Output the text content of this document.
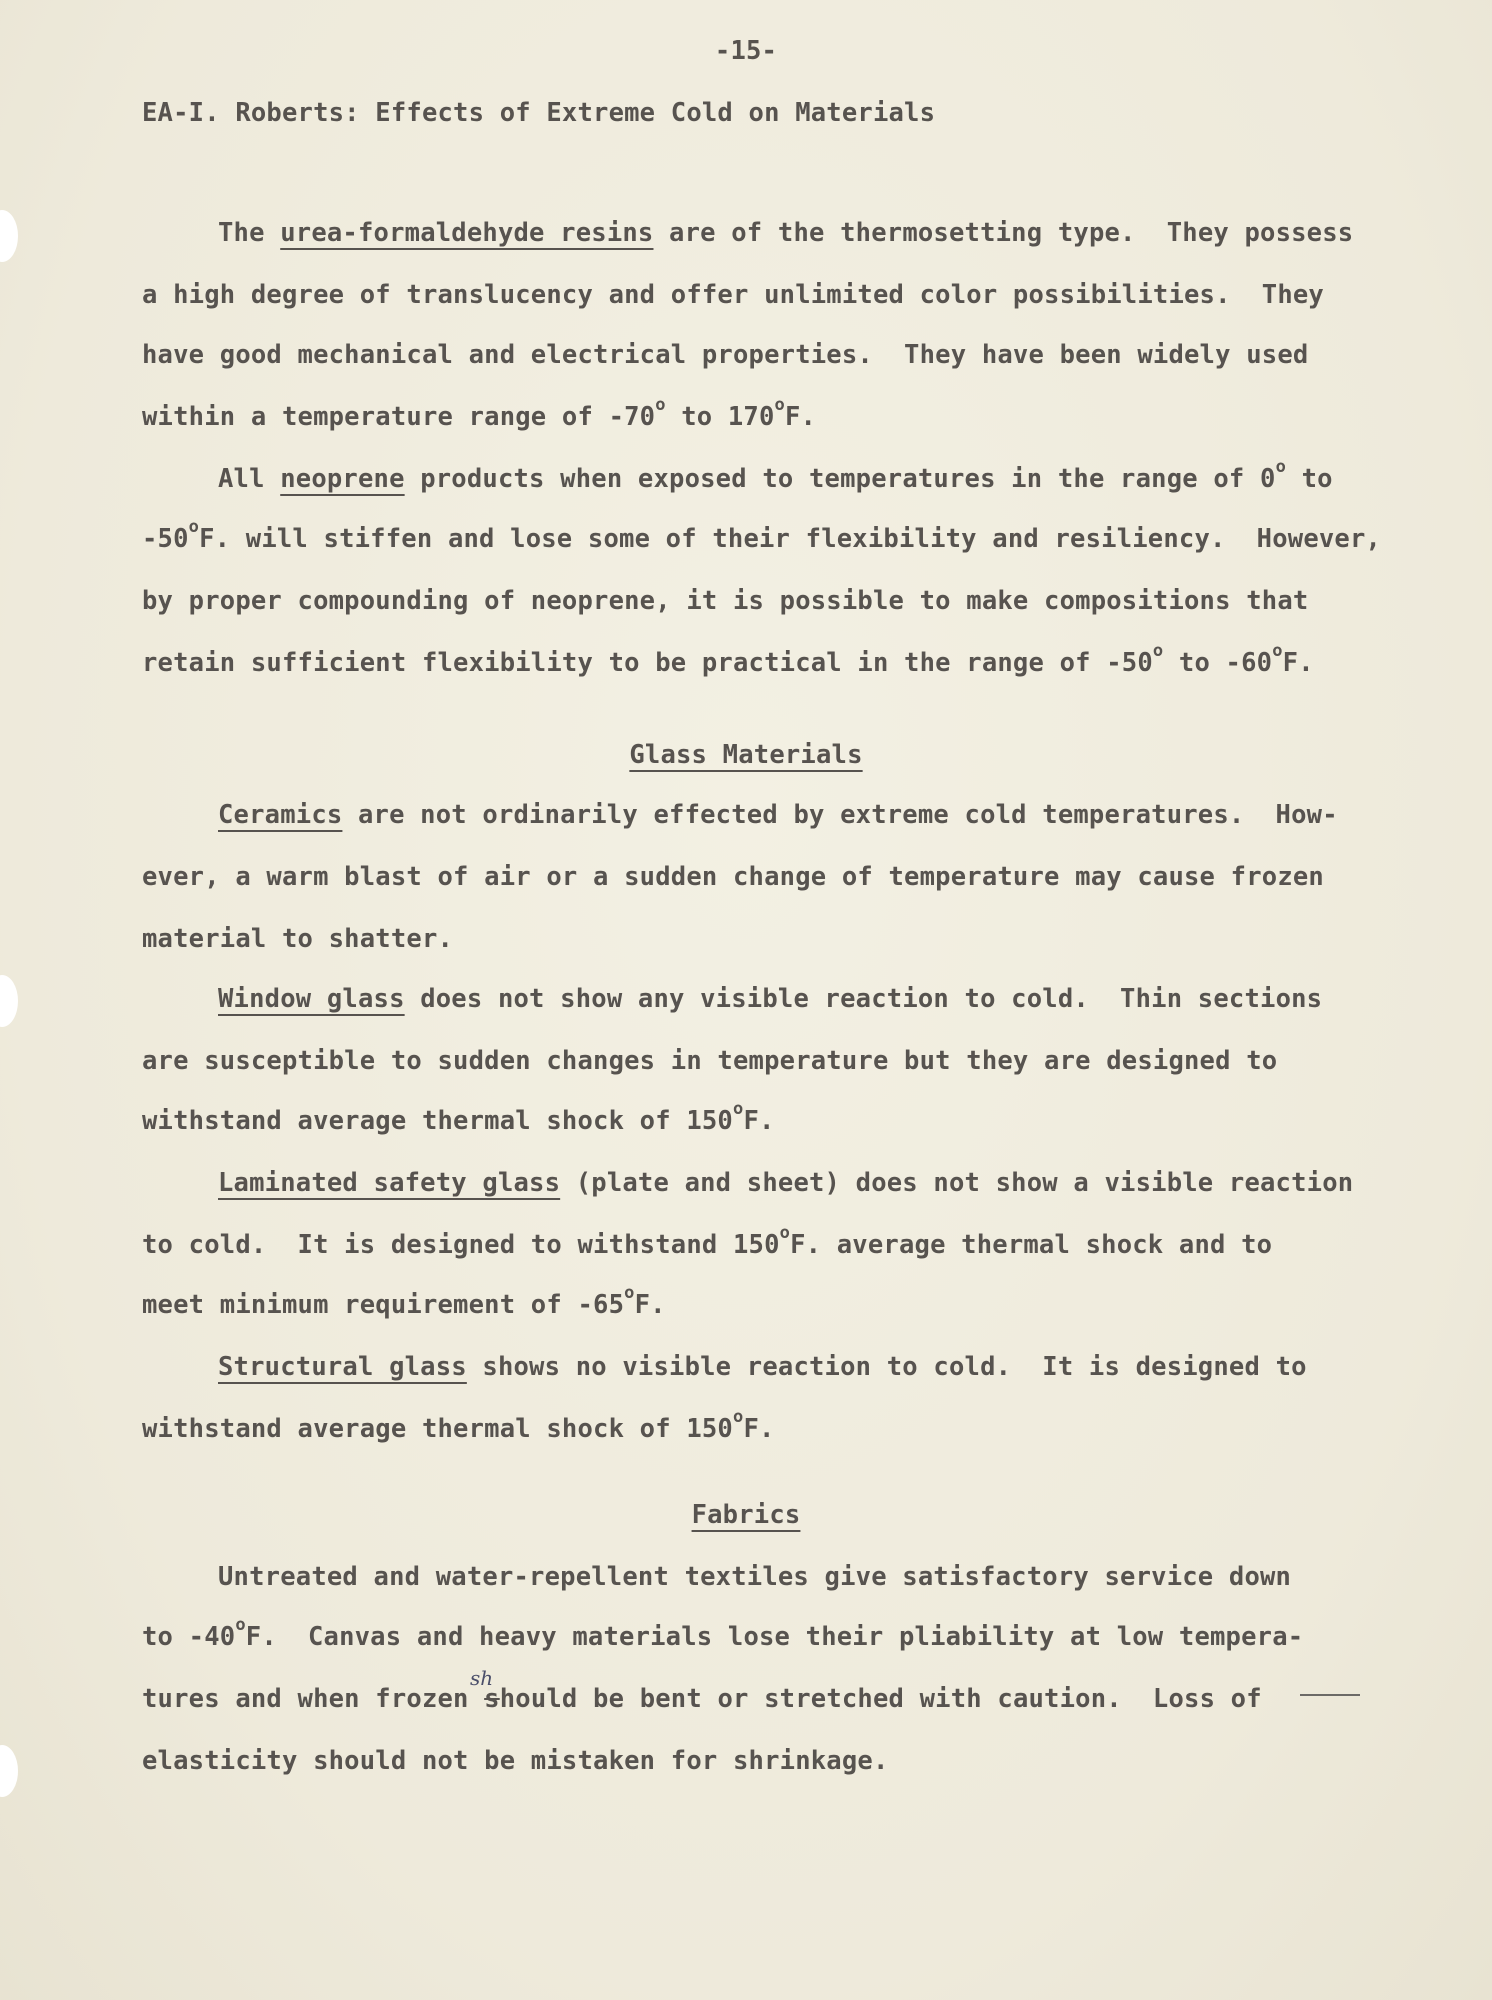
-15-
EA-I. Roberts: Effects of Extreme Cold on Materials
The urea-formaldehyde resins are of the thermosetting type.  They possess
a high degree of translucency and offer unlimited color possibilities.  They
have good mechanical and electrical properties.  They have been widely used
within a temperature range of -70$^o$ to 170$^o$F.
All neoprene products when exposed to temperatures in the range of 0$^o$ to
-50$^o$F. will stiffen and lose some of their flexibility and resiliency.  However,
by proper compounding of neoprene, it is possible to make compositions that
retain sufficient flexibility to be practical in the range of -50$^o$ to -60$^o$F.
Glass Materials
Ceramics are not ordinarily effected by extreme cold temperatures.  How-
ever, a warm blast of air or a sudden change of temperature may cause frozen
material to shatter.
Window glass does not show any visible reaction to cold.  Thin sections
are susceptible to sudden changes in temperature but they are designed to
withstand average thermal shock of 150$^o$F.
Laminated safety glass (plate and sheet) does not show a visible reaction
to cold.  It is designed to withstand 150$^o$F. average thermal shock and to
meet minimum requirement of -65$^o$F.
Structural glass shows no visible reaction to cold.  It is designed to
withstand average thermal shock of 150$^o$F.
Fabrics
Untreated and water-repellent textiles give satisfactory service down
to -40$^o$F.  Canvas and heavy materials lose their pliability at low tempera-
sh
tures and when frozen should be bent or stretched with caution.  Loss of
elasticity should not be mistaken for shrinkage.
